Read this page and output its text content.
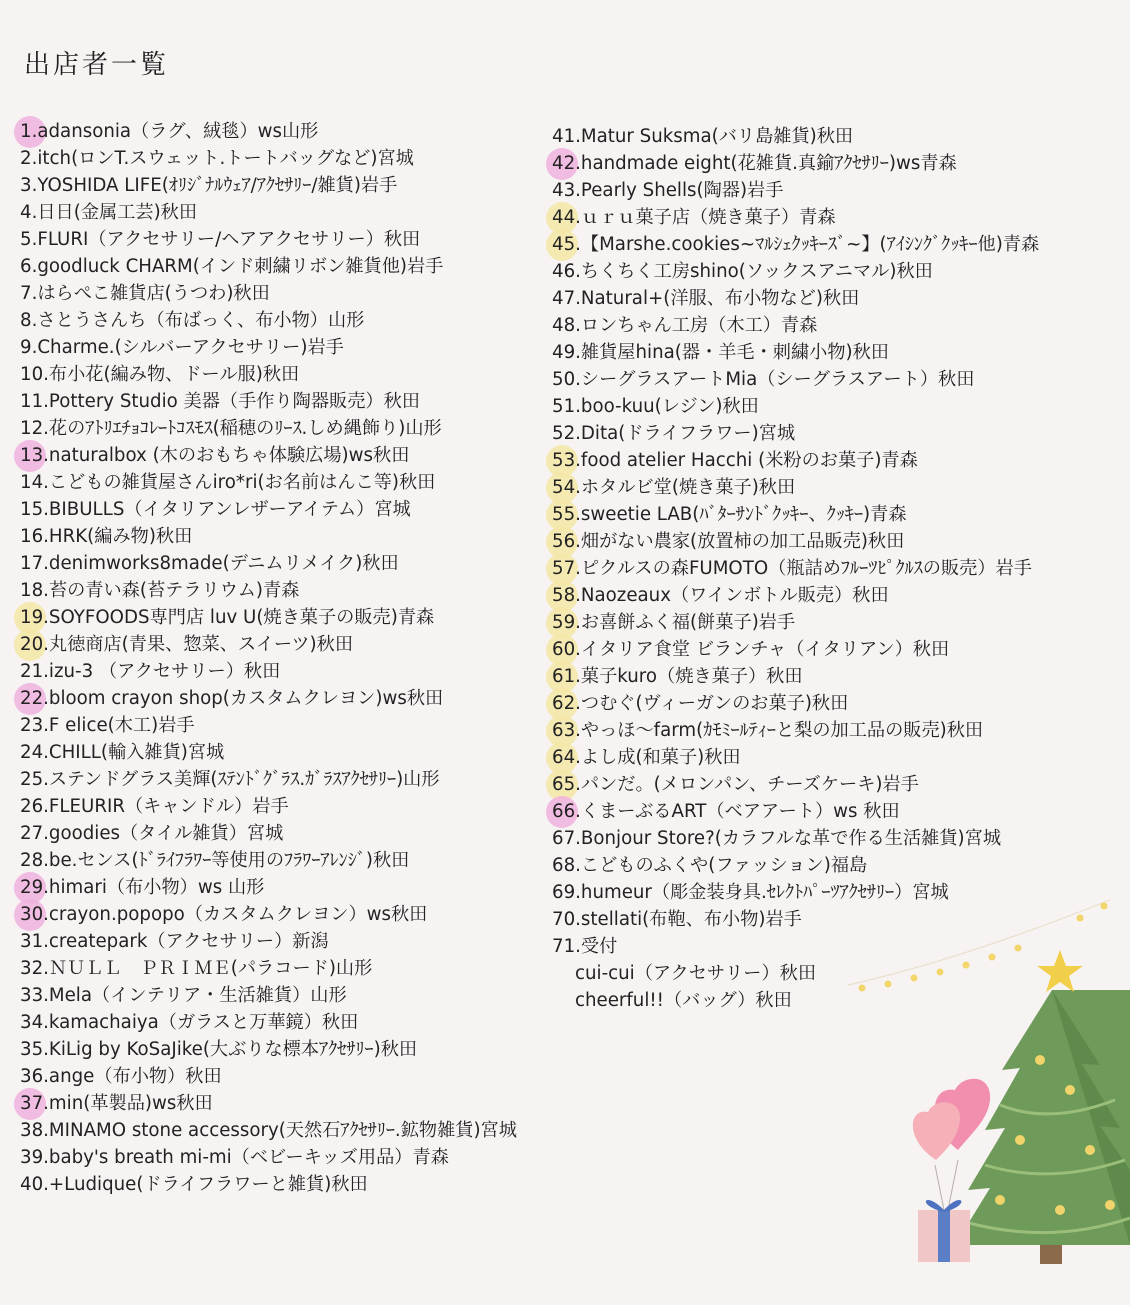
出店者一覧
1.adansonia（ラグ、絨毯）ws山形
2.itch(ロンT.スウェット.トートバッグなど)宮城
3.YOSHIDA LIFE(ｵﾘｼﾞﾅﾙｳｪｱ/ｱｸｾｻﾘｰ/雑貨)岩手
4.日日(金属工芸)秋田
5.FLURI（アクセサリー/ヘアアクセサリー）秋田
6.goodluck CHARM(インド刺繍リボン雑貨他)岩手
7.はらぺこ雑貨店(うつわ)秋田
8.さとうさんち（布ばっく、布小物）山形
9.Charme.(シルバーアクセサリー)岩手
10.布小花(編み物、ドール服)秋田
11.Pottery Studio 美器（手作り陶器販売）秋田
12.花のｱﾄﾘｴﾁｮｺﾚｰﾄｺｽﾓｽ(稲穂のﾘｰｽ.しめ縄飾り)山形
13.naturalbox (木のおもちゃ体験広場)ws秋田
14.こどもの雑貨屋さんiro*ri(お名前はんこ等)秋田
15.BIBULLS（イタリアンレザーアイテム）宮城
16.HRK(編み物)秋田
17.denimworks8made(デニムリメイク)秋田
18.苔の青い森(苔テラリウム)青森
19.SOYFOODS専門店 luv U(焼き菓子の販売)青森
20.丸徳商店(青果、惣菜、スイーツ)秋田
21.izu-3 （アクセサリー）秋田
22.bloom crayon shop(カスタムクレヨン)ws秋田
23.F elice(木工)岩手
24.CHILL(輸入雑貨)宮城
25.ステンドグラス美輝(ｽﾃﾝﾄﾞｸﾞﾗｽ.ｶﾞﾗｽｱｸｾｻﾘｰ)山形
26.FLEURIR（キャンドル）岩手
27.goodies（タイル雑貨）宮城
28.be.センス(ﾄﾞﾗｲﾌﾗﾜｰ等使用のﾌﾗﾜｰｱﾚﾝｼﾞ)秋田
29.himari（布小物）ws 山形
30.crayon.popopo（カスタムクレヨン）ws秋田
31.createpark（アクセサリー）新潟
32.ＮＵＬＬ　ＰＲＩＭＥ(パラコード)山形
33.Mela（インテリア・生活雑貨）山形
34.kamachaiya（ガラスと万華鏡）秋田
35.KiLig by KoSaJike(大ぶりな標本ｱｸｾｻﾘｰ)秋田
36.ange（布小物）秋田
37.min(革製品)ws秋田
38.MINAMO stone accessory(天然石ｱｸｾｻﾘｰ.鉱物雑貨)宮城
39.baby's breath mi-mi（ベビーキッズ用品）青森
40.+Ludique(ドライフラワーと雑貨)秋田
41.Matur Suksma(バリ島雑貨)秋田
42.handmade eight(花雑貨.真鍮ｱｸｾｻﾘｰ)ws青森
43.Pearly Shells(陶器)岩手
44.ｕｒｕ菓子店（焼き菓子）青森
45.【Marshe.cookies~ﾏﾙｼｪｸｯｷｰｽﾞ~】(ｱｲｼﾝｸﾞｸｯｷｰ他)青森
46.ちくちく工房shino(ソックスアニマル)秋田
47.Natural+(洋服、布小物など)秋田
48.ロンちゃん工房（木工）青森
49.雑貨屋hina(器・羊毛・刺繍小物)秋田
50.シーグラスアートMia（シーグラスアート）秋田
51.boo-kuu(レジン)秋田
52.Dita(ドライフラワー)宮城
53.food atelier Hacchi (米粉のお菓子)青森
54.ホタルビ堂(焼き菓子)秋田
55.sweetie LAB(ﾊﾞﾀｰｻﾝﾄﾞｸｯｷｰ、ｸｯｷｰ)青森
56.畑がない農家(放置柿の加工品販売)秋田
57.ピクルスの森FUMOTO（瓶詰めﾌﾙｰﾂﾋﾟｸﾙｽの販売）岩手
58.Naozeaux（ワインボトル販売）秋田
59.お喜餅ふく福(餅菓子)岩手
60.イタリア食堂 ビランチャ（イタリアン）秋田
61.菓子kuro（焼き菓子）秋田
62.つむぐ(ヴィーガンのお菓子)秋田
63.やっほ〜farm(ｶﾓﾐｰﾙﾃｨｰと梨の加工品の販売)秋田
64.よし成(和菓子)秋田
65.パンだ。(メロンパン、チーズケーキ)岩手
66.くまーぶるART（ベアアート）ws 秋田
67.Bonjour Store?(カラフルな革で作る生活雑貨)宮城
68.こどものふくや(ファッション)福島
69.humeur（彫金装身具.ｾﾚｸﾄﾊﾟｰﾂｱｸｾｻﾘｰ）宮城
70.stellati(布鞄、布小物)岩手
71.受付
cui-cui（アクセサリー）秋田
cheerful!!（バッグ）秋田
